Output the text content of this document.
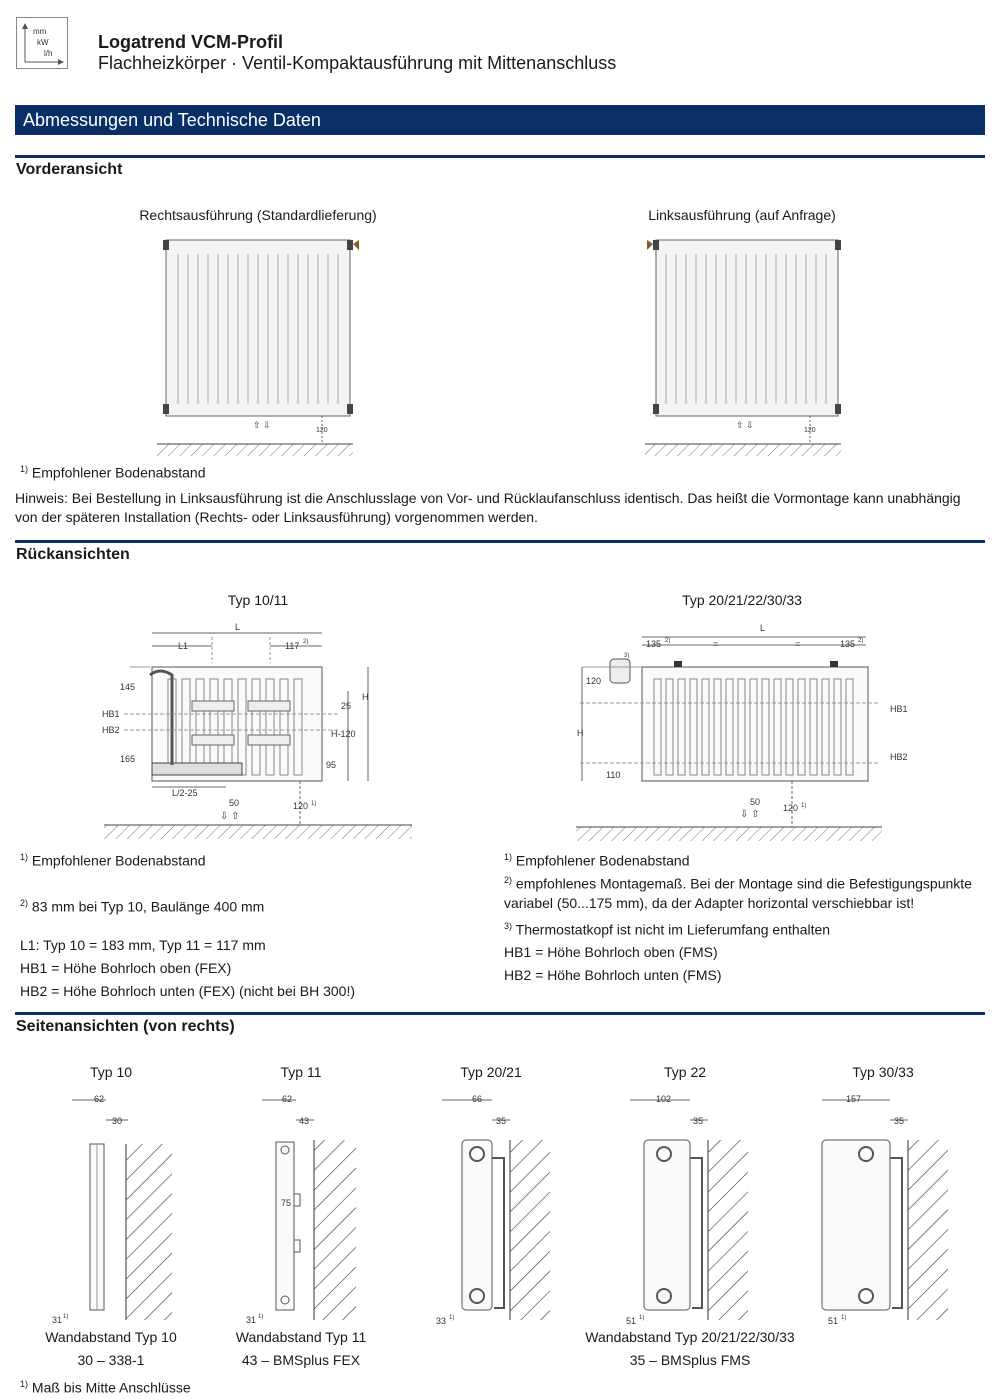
mm
kW
l/h
Logatrend VCM-Profil
Flachheizkörper · Ventil-Kompaktausführung mit Mittenanschluss
Abmessungen und Technische Daten
Vorderansicht
Rechtsausführung (Standardlieferung)	Linksausführung (auf Anfrage)
⇧ ⇩
120
⇧ ⇩
120
$^{1)}$ Empfohlener Bodenabstand
Hinweis: Bei Bestellung in Linksausführung ist die Anschlusslage von Vor- und Rücklaufanschluss identisch. Das heißt die Vormontage kann unabhängig von der späteren Installation (Rechts- oder Linksausführung) vorgenommen werden.
Rückansichten
Typ 10/11	Typ 20/21/22/30/33
L
L1	117 2)
145
HB1
HB2
165
H
25
H-120
95
L/2-25
50
⇩ ⇧
120 1)
L
135 2)	=	=	135 2)
3)
120
HB1
H
HB2
110
50
⇩ ⇧
120 1)
$^{1)}$ Empfohlener Bodenabstand
$^{2)}$ 83 mm bei Typ 10, Baulänge 400 mm
L1: Typ 10 = 183 mm, Typ 11 = 117 mm
HB1 = Höhe Bohrloch oben (FEX)
HB2 = Höhe Bohrloch unten (FEX) (nicht bei BH 300!)
$^{1)}$ Empfohlener Bodenabstand
$^{2)}$ empfohlenes Montagemaß. Bei der Montage sind die Befestigungspunkte variabel (50...175 mm), da der Adapter horizontal verschiebbar ist!
$^{3)}$ Thermostatkopf ist nicht im Lieferumfang enthalten
HB1 = Höhe Bohrloch oben (FMS)
HB2 = Höhe Bohrloch unten (FMS)
Seitenansichten (von rechts)
Typ 10	Typ 11	Typ 20/21	Typ 22	Typ 30/33
62
30
31 1)
62
43
75
31 1)
66
35
33 1)
102
35
51 1)
157
35
51 1)
Wandabstand Typ 10
30 – 338-1
Wandabstand Typ 11
43 – BMSplus FEX
Wandabstand Typ 20/21/22/30/33
35 – BMSplus FMS
$^{1)}$ Maß bis Mitte Anschlüsse
